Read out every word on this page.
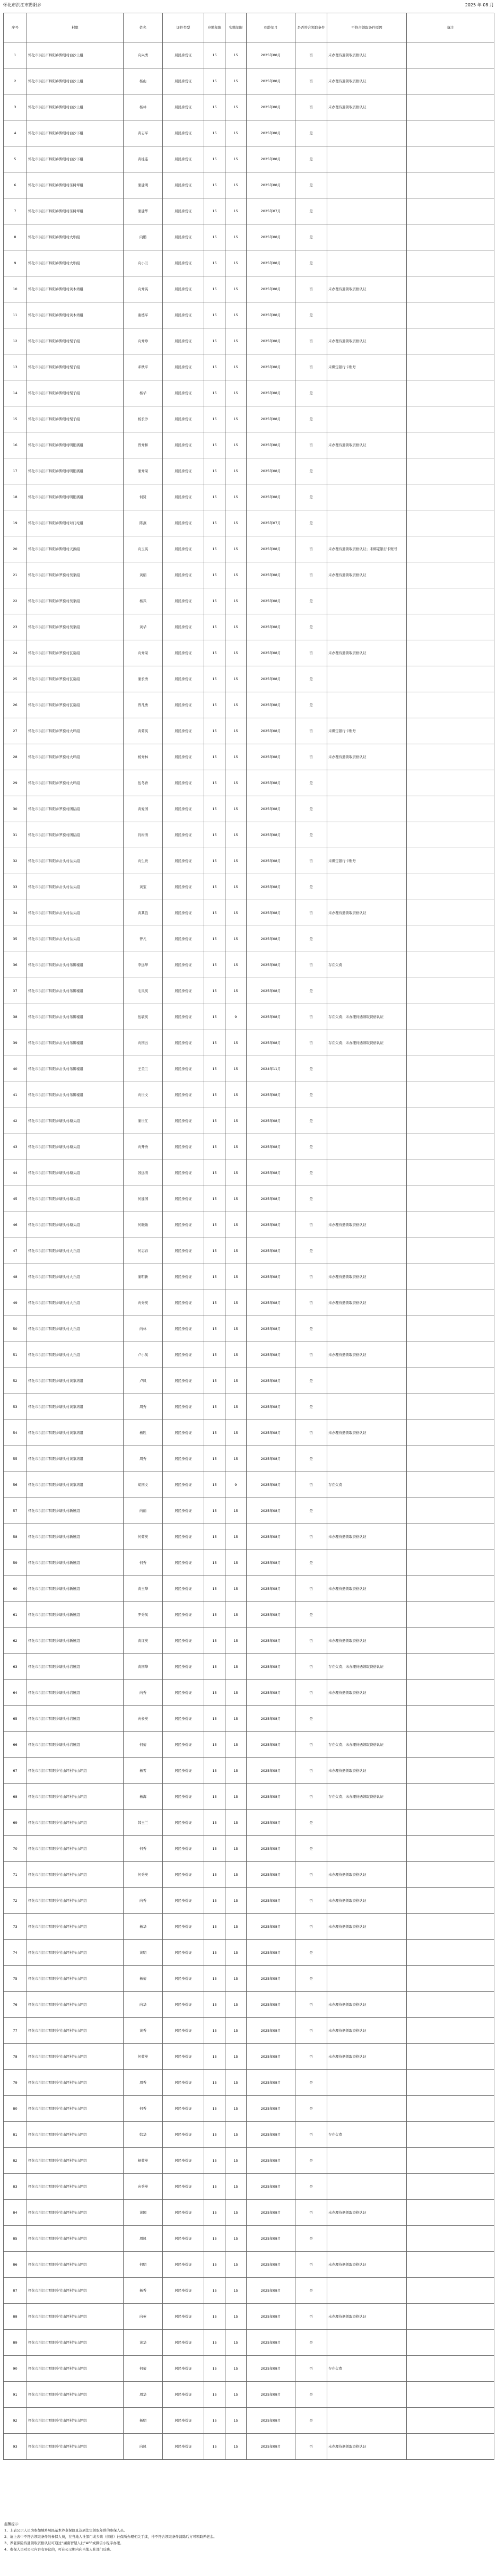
怀化市洪江市黔阳乡	2025 年 08 月
序号	村组	姓名	证件类型	应缴年限	实缴年限	到龄年月	是否符合领取条件	不符合领取条件原因	备注
1	怀化市洪江市黔阳乡黔阳村白沙上组	向兴秀	居民身份证	15	15	2025年08月	否	未办理待遇领取资格认证	
2	怀化市洪江市黔阳乡黔阳村白沙上组	杨山	居民身份证	15	15	2025年08月	否	未办理待遇领取资格认证	
3	怀化市洪江市黔阳乡黔阳村白沙上组	杨林	居民身份证	15	15	2025年08月	否	未办理待遇领取资格认证	
4	怀化市洪江市黔阳乡黔阳村白沙下组	黄志军	居民身份证	15	15	2025年08月	是		
5	怀化市洪江市黔阳乡黔阳村白沙下组	黄桂连	居民身份证	15	15	2025年08月	是		
6	怀化市洪江市黔阳乡黔阳村茶树坪组	蒲建明	居民身份证	15	15	2025年08月	是		
7	怀化市洪江市黔阳乡黔阳村茶树坪组	蒲建华	居民身份证	15	15	2025年07月	是		
8	怀化市洪江市黔阳乡黔阳村大坝组	向鹏	居民身份证	15	15	2025年08月	是		
9	怀化市洪江市黔阳乡黔阳村大坝组	向小兰	居民身份证	15	15	2025年08月	是		
10	怀化市洪江市黔阳乡黔阳村黄木湾组	向秀英	居民身份证	15	15	2025年08月	否	未办理待遇领取资格认证	
11	怀化市洪江市黔阳乡黔阳村黄木湾组	谢德军	居民身份证	15	15	2025年08月	是		
12	怀化市洪江市黔阳乡黔阳村梨子组	向秀珍	居民身份证	15	15	2025年08月	否	未办理待遇领取资格认证	
13	怀化市洪江市黔阳乡黔阳村梨子组	邓秋平	居民身份证	15	15	2025年08月	否	未绑定银行卡账号	
14	怀化市洪江市黔阳乡黔阳村梨子组	杨华	居民身份证	15	15	2025年08月	是		
15	怀化市洪江市黔阳乡黔阳村梨子组	杨长沙	居民身份证	15	15	2025年08月	是		
16	怀化市洪江市黔阳乡黔阳村明阳溪组	曾秀和	居民身份证	15	15	2025年08月	否	未办理待遇领取资格认证	
17	怀化市洪江市黔阳乡黔阳村明阳溪组	蒲秀荣	居民身份证	15	15	2025年08月	是		
18	怀化市洪江市黔阳乡黔阳村明阳溪组	何贤	居民身份证	15	15	2025年08月	是		
19	怀化市洪江市黔阳乡黔阳村对门坨组	陈燕	居民身份证	15	15	2025年07月	是		
20	怀化市洪江市黔阳乡黔阳村天源组	向玉英	居民身份证	15	15	2025年08月	否	未办理待遇领取资格认证；未绑定银行卡账号	
21	怀化市洪江市黔阳乡罗旋村吴家组	黄娟	居民身份证	15	15	2025年08月	否	未办理待遇领取资格认证	
22	怀化市洪江市黔阳乡罗旋村吴家组	杨兴	居民身份证	15	15	2025年08月	是		
23	怀化市洪江市黔阳乡罗旋村吴家组	黄华	居民身份证	15	15	2025年08月	是		
24	怀化市洪江市黔阳乡罗旋村瓦窑组	向秀荣	居民身份证	15	15	2025年08月	否	未办理待遇领取资格认证	
25	怀化市洪江市黔阳乡罗旋村瓦窑组	蒲长秀	居民身份证	15	15	2025年08月	是		
26	怀化市洪江市黔阳乡罗旋村瓦窑组	曾凡勇	居民身份证	15	15	2025年08月	是		
27	怀化市洪江市黔阳乡罗旋村大坪组	黄菊英	居民身份证	15	15	2025年08月	否	未绑定银行卡账号	
28	怀化市洪江市黔阳乡罗旋村大坪组	杨秀林	居民身份证	15	15	2025年08月	否	未办理待遇领取资格认证	
29	怀化市洪江市黔阳乡罗旋村大坪组	伍冬香	居民身份证	15	15	2025年08月	是		
30	怀化市洪江市黔阳乡罗旋村团结组	黄爱国	居民身份证	15	15	2025年08月	是		
31	怀化市洪江市黔阳乡罗旋村团结组	肖树清	居民身份证	15	15	2025年08月	是		
32	怀化市洪江市黔阳乡岔头村岔头组	向生贵	居民身份证	15	15	2025年08月	否	未绑定银行卡账号	
33	怀化市洪江市黔阳乡岔头村岔头组	黄宝	居民身份证	15	15	2025年08月	是		
34	怀化市洪江市黔阳乡岔头村岔头组	黄其胜	居民身份证	15	15	2025年08月	否	未办理待遇领取资格认证	
35	怀化市洪江市黔阳乡岔头村岔头组	曾凡	居民身份证	15	15	2025年08月	是		
36	怀化市洪江市黔阳乡岔头村吊脚楼组	李远华	居民身份证	15	15	2025年08月	否	存在欠费	
37	怀化市洪江市黔阳乡岔头村吊脚楼组	毛凤英	居民身份证	15	15	2025年08月	是		
38	怀化市洪江市黔阳乡岔头村吊脚楼组	伍敏英	居民身份证	15	9	2025年08月	否	存在欠费；未办理待遇领取资格认证	
39	怀化市洪江市黔阳乡岔头村吊脚楼组	向国云	居民身份证	15	15	2025年08月	否	存在欠费；未办理待遇领取资格认证	
40	怀化市洪江市黔阳乡岔头村吊脚楼组	王美兰	居民身份证	15	15	2024年11月	是		
41	怀化市洪江市黔阳乡岔头村吊脚楼组	向世文	居民身份证	15	15	2025年08月	是		
42	怀化市洪江市黔阳乡塘头村塘头组	蒲世江	居民身份证	15	15	2025年08月	是		
43	怀化市洪江市黔阳乡塘头村塘头组	向开秀	居民身份证	15	15	2025年08月	是		
44	怀化市洪江市黔阳乡塘头村塘头组	苏远清	居民身份证	15	15	2025年08月	是		
45	怀化市洪江市黔阳乡塘头村塘头组	何建国	居民身份证	15	15	2025年08月	是		
46	怀化市洪江市黔阳乡塘头村塘头组	何晓敏	居民身份证	15	15	2025年08月	否	未办理待遇领取资格认证	
47	怀化市洪江市黔阳乡塘头村大丘组	何志春	居民身份证	15	15	2025年08月	是		
48	怀化市洪江市黔阳乡塘头村大丘组	蒲明新	居民身份证	15	15	2025年08月	否	未办理待遇领取资格认证	
49	怀化市洪江市黔阳乡塘头村大丘组	向秀英	居民身份证	15	15	2025年08月	否	未办理待遇领取资格认证	
50	怀化市洪江市黔阳乡塘头村大丘组	向林	居民身份证	15	15	2025年08月	是		
51	怀化市洪江市黔阳乡塘头村大丘组	卢小凤	居民身份证	15	15	2025年08月	否	未办理待遇领取资格认证	
52	怀化市洪江市黔阳乡塘头村黄家湾组	卢凤	居民身份证	15	15	2025年08月	是		
53	怀化市洪江市黔阳乡塘头村黄家湾组	周秀	居民身份证	15	15	2025年08月	是		
54	怀化市洪江市黔阳乡塘头村黄家湾组	杨胜	居民身份证	15	15	2025年08月	否	未办理待遇领取资格认证	
55	怀化市洪江市黔阳乡塘头村黄家湾组	周秀	居民身份证	15	15	2025年08月	是		
56	怀化市洪江市黔阳乡塘头村黄家湾组	胡国文	居民身份证	15	9	2025年08月	否	存在欠费	
57	怀化市洪江市黔阳乡塘头村新屋组	向丽	居民身份证	15	15	2025年08月	是		
58	怀化市洪江市黔阳乡塘头村新屋组	何菊英	居民身份证	15	15	2025年08月	否	未办理待遇领取资格认证	
59	怀化市洪江市黔阳乡塘头村新屋组	何秀	居民身份证	15	15	2025年08月	是		
60	怀化市洪江市黔阳乡塘头村新屋组	黄玉华	居民身份证	15	15	2025年08月	否	未办理待遇领取资格认证	
61	怀化市洪江市黔阳乡塘头村新屋组	罗秀凤	居民身份证	15	15	2025年08月	是		
62	怀化市洪江市黔阳乡塘头村新屋组	黄红英	居民身份证	15	15	2025年08月	否	未办理待遇领取资格认证	
63	怀化市洪江市黔阳乡塘头村岩屋组	黄国华	居民身份证	15	15	2025年08月	否	存在欠费；未办理待遇领取资格认证	
64	怀化市洪江市黔阳乡塘头村岩屋组	向秀	居民身份证	15	15	2025年08月	否	未办理待遇领取资格认证	
65	怀化市洪江市黔阳乡塘头村岩屋组	向长英	居民身份证	15	15	2025年08月	是		
66	怀化市洪江市黔阳乡塘头村岩屋组	何菊	居民身份证	15	15	2025年08月	否	存在欠费；未办理待遇领取资格认证	
67	怀化市洪江市黔阳乡竹山坪村竹山坪组	杨雪	居民身份证	15	15	2025年08月	否	未办理待遇领取资格认证	
68	怀化市洪江市黔阳乡竹山坪村竹山坪组	杨海	居民身份证	15	15	2025年08月	否	存在欠费；未办理待遇领取资格认证	
69	怀化市洪江市黔阳乡竹山坪村竹山坪组	韩玉兰	居民身份证	15	15	2025年08月	是		
70	怀化市洪江市黔阳乡竹山坪村竹山坪组	何秀	居民身份证	15	15	2025年08月	是		
71	怀化市洪江市黔阳乡竹山坪村竹山坪组	何秀英	居民身份证	15	15	2025年08月	否	未办理待遇领取资格认证	
72	怀化市洪江市黔阳乡竹山坪村竹山坪组	向秀	居民身份证	15	15	2025年08月	否	未办理待遇领取资格认证	
73	怀化市洪江市黔阳乡竹山坪村竹山坪组	杨华	居民身份证	15	15	2025年08月	否	未办理待遇领取资格认证	
74	怀化市洪江市黔阳乡竹山坪村竹山坪组	黄明	居民身份证	15	15	2025年08月	是		
75	怀化市洪江市黔阳乡竹山坪村竹山坪组	杨菊	居民身份证	15	15	2025年08月	是		
76	怀化市洪江市黔阳乡竹山坪村竹山坪组	向华	居民身份证	15	15	2025年08月	否	未办理待遇领取资格认证	
77	怀化市洪江市黔阳乡竹山坪村竹山坪组	黄秀	居民身份证	15	15	2025年08月	否	未办理待遇领取资格认证	
78	怀化市洪江市黔阳乡竹山坪村竹山坪组	何菊英	居民身份证	15	15	2025年08月	否	未办理待遇领取资格认证	
79	怀化市洪江市黔阳乡竹山坪村竹山坪组	周秀	居民身份证	15	15	2025年08月	是		
80	怀化市洪江市黔阳乡竹山坪村竹山坪组	何秀	居民身份证	15	15	2025年08月	是		
81	怀化市洪江市黔阳乡竹山坪村竹山坪组	韩华	居民身份证	15	15	2025年08月	否	存在欠费	
82	怀化市洪江市黔阳乡竹山坪村竹山坪组	杨菊英	居民身份证	15	15	2025年08月	是		
83	怀化市洪江市黔阳乡竹山坪村竹山坪组	向秀英	居民身份证	15	15	2025年08月	是		
84	怀化市洪江市黔阳乡竹山坪村竹山坪组	黄国	居民身份证	15	15	2025年08月	否	未办理待遇领取资格认证	
85	怀化市洪江市黔阳乡竹山坪村竹山坪组	周凤	居民身份证	15	15	2025年08月	是		
86	怀化市洪江市黔阳乡竹山坪村竹山坪组	何明	居民身份证	15	15	2025年08月	否	未办理待遇领取资格认证	
87	怀化市洪江市黔阳乡竹山坪村竹山坪组	杨秀	居民身份证	15	15	2025年08月	是		
88	怀化市洪江市黔阳乡竹山坪村竹山坪组	向英	居民身份证	15	15	2025年08月	否	未办理待遇领取资格认证	
89	怀化市洪江市黔阳乡竹山坪村竹山坪组	黄华	居民身份证	15	15	2025年08月	是		
90	怀化市洪江市黔阳乡竹山坪村竹山坪组	何菊	居民身份证	15	15	2025年08月	否	存在欠费	
91	怀化市洪江市黔阳乡竹山坪村竹山坪组	周华	居民身份证	15	15	2025年08月	是		
92	怀化市洪江市黔阳乡竹山坪村竹山坪组	杨明	居民身份证	15	15	2025年08月	是		
93	怀化市洪江市黔阳乡竹山坪村竹山坪组	向凤	居民身份证	15	15	2025年08月	否	未办理待遇领取资格认证	
温馨提示：
1、上表公示人员为参加城乡居民基本养老保险且达到法定领取年龄的参保人员。
2、请上表中不符合领取条件的参保人员，在当地人社部门或乡镇（街道）社保所办理相关手续，待不符合领取条件消除后方可领取养老金。
3、养老保险待遇领取资格认证可通过“湖南智慧人社”APP或微信小程序办理。
4、参保人员对公示内容有异议的，可在公示期内向当地人社部门反映。
